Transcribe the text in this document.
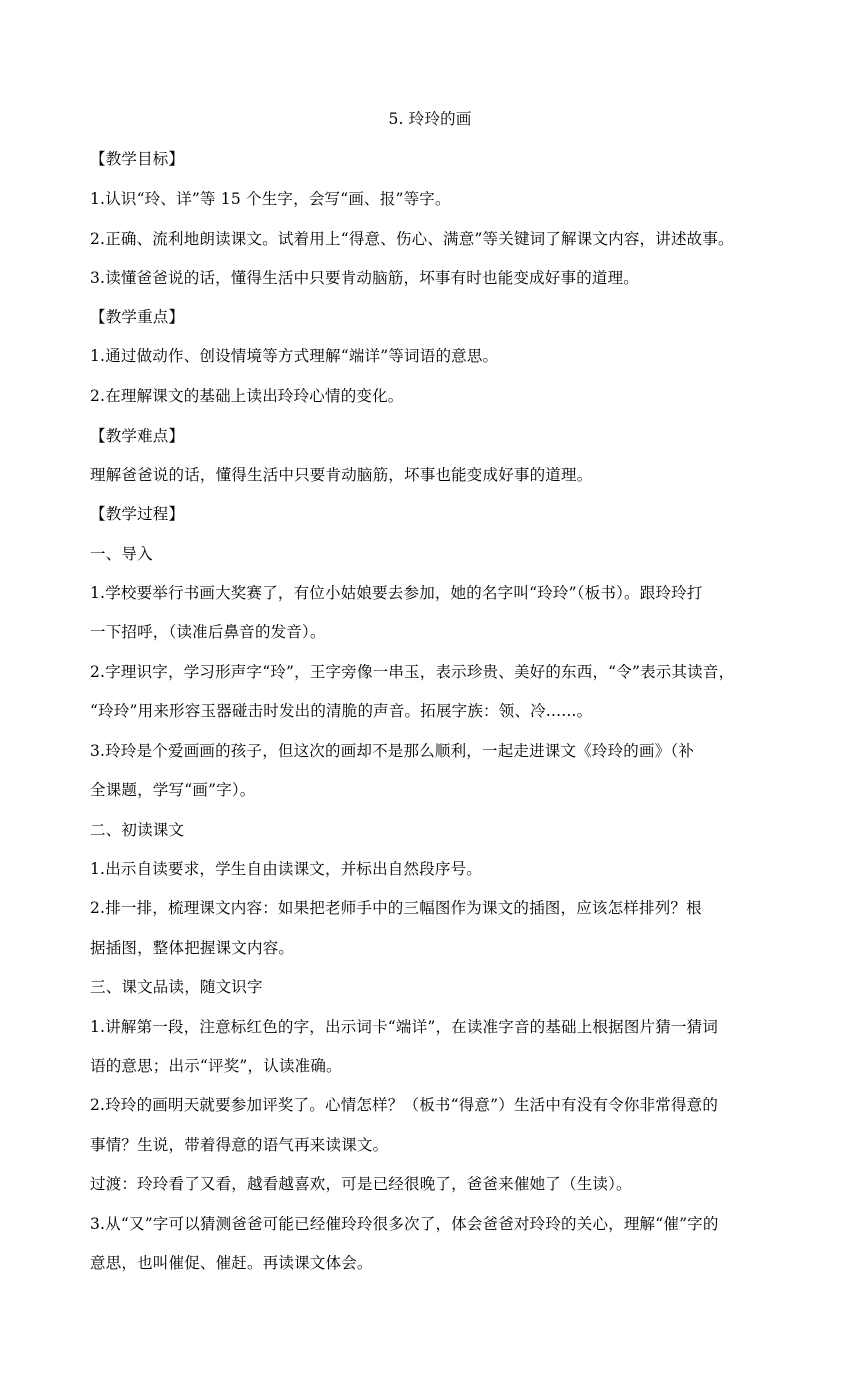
5. 玲玲的画
【教学目标】
1.认识“玲、详”等 15 个生字，会写“画、报”等字。
2.正确、流利地朗读课文。试着用上“得意、伤心、满意”等关键词了解课文内容，讲述故事。
3.读懂爸爸说的话，懂得生活中只要肯动脑筋，坏事有时也能变成好事的道理。
【教学重点】
1.通过做动作、创设情境等方式理解“端详”等词语的意思。
2.在理解课文的基础上读出玲玲心情的变化。
【教学难点】
理解爸爸说的话，懂得生活中只要肯动脑筋，坏事也能变成好事的道理。
【教学过程】
一、导入
1.学校要举行书画大奖赛了，有位小姑娘要去参加，她的名字叫“玲玲”（板书）。跟玲玲打
一下招呼，（读准后鼻音的发音）。
2.字理识字，学习形声字“玲”，王字旁像一串玉，表示珍贵、美好的东西，“令”表示其读音，
“玲玲”用来形容玉器碰击时发出的清脆的声音。拓展字族：领、冷......。
3.玲玲是个爱画画的孩子，但这次的画却不是那么顺利，一起走进课文《玲玲的画》（补
全课题，学写“画”字）。
二、初读课文
1.出示自读要求，学生自由读课文，并标出自然段序号。
2.排一排，梳理课文内容：如果把老师手中的三幅图作为课文的插图，应该怎样排列？根
据插图，整体把握课文内容。
三、课文品读，随文识字
1.讲解第一段，注意标红色的字，出示词卡“端详”，在读准字音的基础上根据图片猜一猜词
语的意思；出示“评奖”，认读准确。
2.玲玲的画明天就要参加评奖了。心情怎样？（板书“得意”）生活中有没有令你非常得意的
事情？生说，带着得意的语气再来读课文。
过渡：玲玲看了又看，越看越喜欢，可是已经很晚了，爸爸来催她了（生读）。
3.从“又”字可以猜测爸爸可能已经催玲玲很多次了，体会爸爸对玲玲的关心，理解“催”字的
意思，也叫催促、催赶。再读课文体会。
